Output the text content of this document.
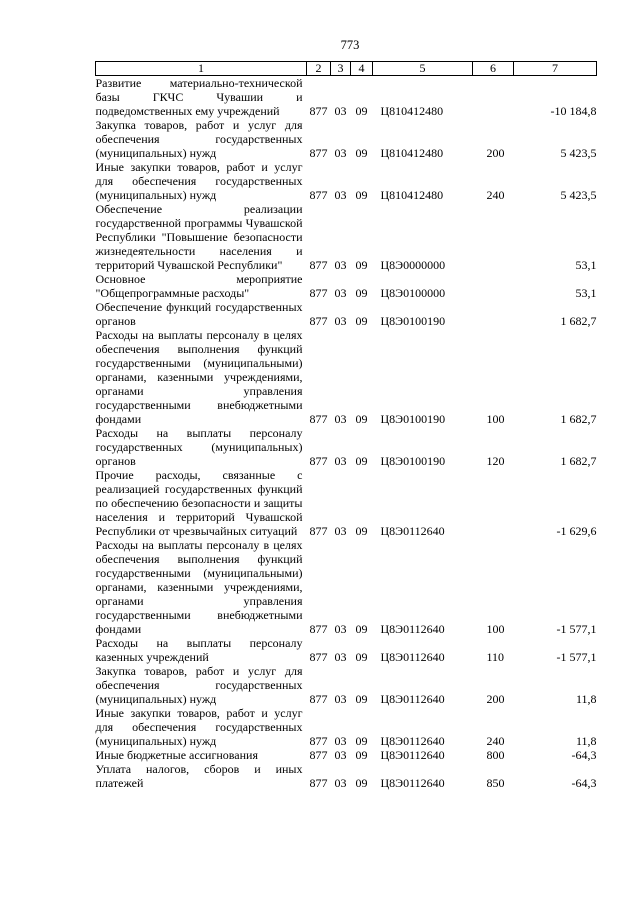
773
1	2	3	4	5	6	7
Развитие материально-технической базы ГКЧС Чувашии и подведомственных ему учреждений	877	03	09	Ц810412480		-10 184,8
Закупка товаров, работ и услуг для обеспечения государственных (муниципальных) нужд	877	03	09	Ц810412480	200	5 423,5
Иные закупки товаров, работ и услуг для обеспечения государственных (муниципальных) нужд	877	03	09	Ц810412480	240	5 423,5
Обеспечение реализации государственной программы Чувашской Республики "Повышение безопасности жизнедеятельности населения и территорий Чувашской Республики"	877	03	09	Ц8Э0000000		53,1
Основное мероприятие "Общепрограммные расходы"	877	03	09	Ц8Э0100000		53,1
Обеспечение функций государственных органов	877	03	09	Ц8Э0100190		1 682,7
Расходы на выплаты персоналу в целях обеспечения выполнения функций государственными (муниципальными) органами, казенными учреждениями, органами управления государственными внебюджетными фондами	877	03	09	Ц8Э0100190	100	1 682,7
Расходы на выплаты персоналу государственных (муниципальных) органов	877	03	09	Ц8Э0100190	120	1 682,7
Прочие расходы, связанные с реализацией государственных функций по обеспечению безопасности и защиты населения и территорий Чувашской Республики от чрезвычайных ситуаций	877	03	09	Ц8Э0112640		-1 629,6
Расходы на выплаты персоналу в целях обеспечения выполнения функций государственными (муниципальными) органами, казенными учреждениями, органами управления государственными внебюджетными фондами	877	03	09	Ц8Э0112640	100	-1 577,1
Расходы на выплаты персоналу казенных учреждений	877	03	09	Ц8Э0112640	110	-1 577,1
Закупка товаров, работ и услуг для обеспечения государственных (муниципальных) нужд	877	03	09	Ц8Э0112640	200	11,8
Иные закупки товаров, работ и услуг для обеспечения государственных (муниципальных) нужд	877	03	09	Ц8Э0112640	240	11,8
Иные бюджетные ассигнования	877	03	09	Ц8Э0112640	800	-64,3
Уплата налогов, сборов и иных платежей	877	03	09	Ц8Э0112640	850	-64,3
